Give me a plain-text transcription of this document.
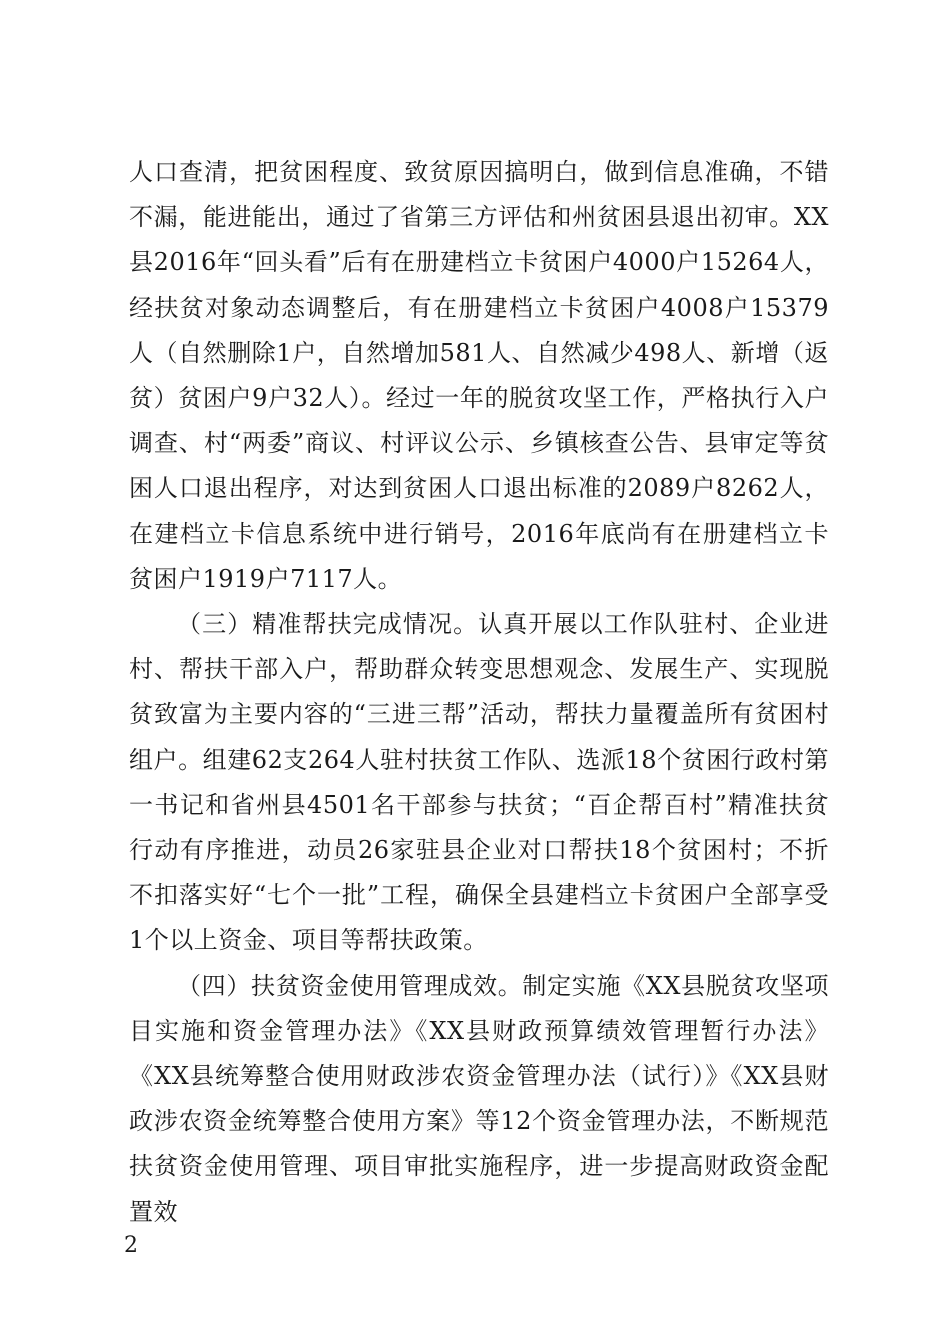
人口查清，把贫困程度、致贫原因搞明白，做到信息准确，不错不漏，能进能出，通过了省第三方评估和州贫困县退出初审。XX县2016年“回头看”后有在册建档立卡贫困户4000户15264人，经扶贫对象动态调整后，有在册建档立卡贫困户4008户15379人（自然删除1户，自然增加581人、自然减少498人、新增（返贫）贫困户9户32人）。经过一年的脱贫攻坚工作，严格执行入户调查、村“两委”商议、村评议公示、乡镇核查公告、县审定等贫困人口退出程序，对达到贫困人口退出标准的2089户8262人，在建档立卡信息系统中进行销号，2016年底尚有在册建档立卡贫困户1919户7117人。

（三）精准帮扶完成情况。认真开展以工作队驻村、企业进村、帮扶干部入户，帮助群众转变思想观念、发展生产、实现脱贫致富为主要内容的“三进三帮”活动，帮扶力量覆盖所有贫困村组户。组建62支264人驻村扶贫工作队、选派18个贫困行政村第一书记和省州县4501名干部参与扶贫；“百企帮百村”精准扶贫行动有序推进，动员26家驻县企业对口帮扶18个贫困村；不折不扣落实好“七个一批”工程，确保全县建档立卡贫困户全部享受1个以上资金、项目等帮扶政策。

（四）扶贫资金使用管理成效。制定实施《XX县脱贫攻坚项目实施和资金管理办法》《XX县财政预算绩效管理暂行办法》《XX县统筹整合使用财政涉农资金管理办法（试行）》《XX县财政涉农资金统筹整合使用方案》等12个资金管理办法，不断规范扶贫资金使用管理、项目审批实施程序，进一步提高财政资金配置效

2
